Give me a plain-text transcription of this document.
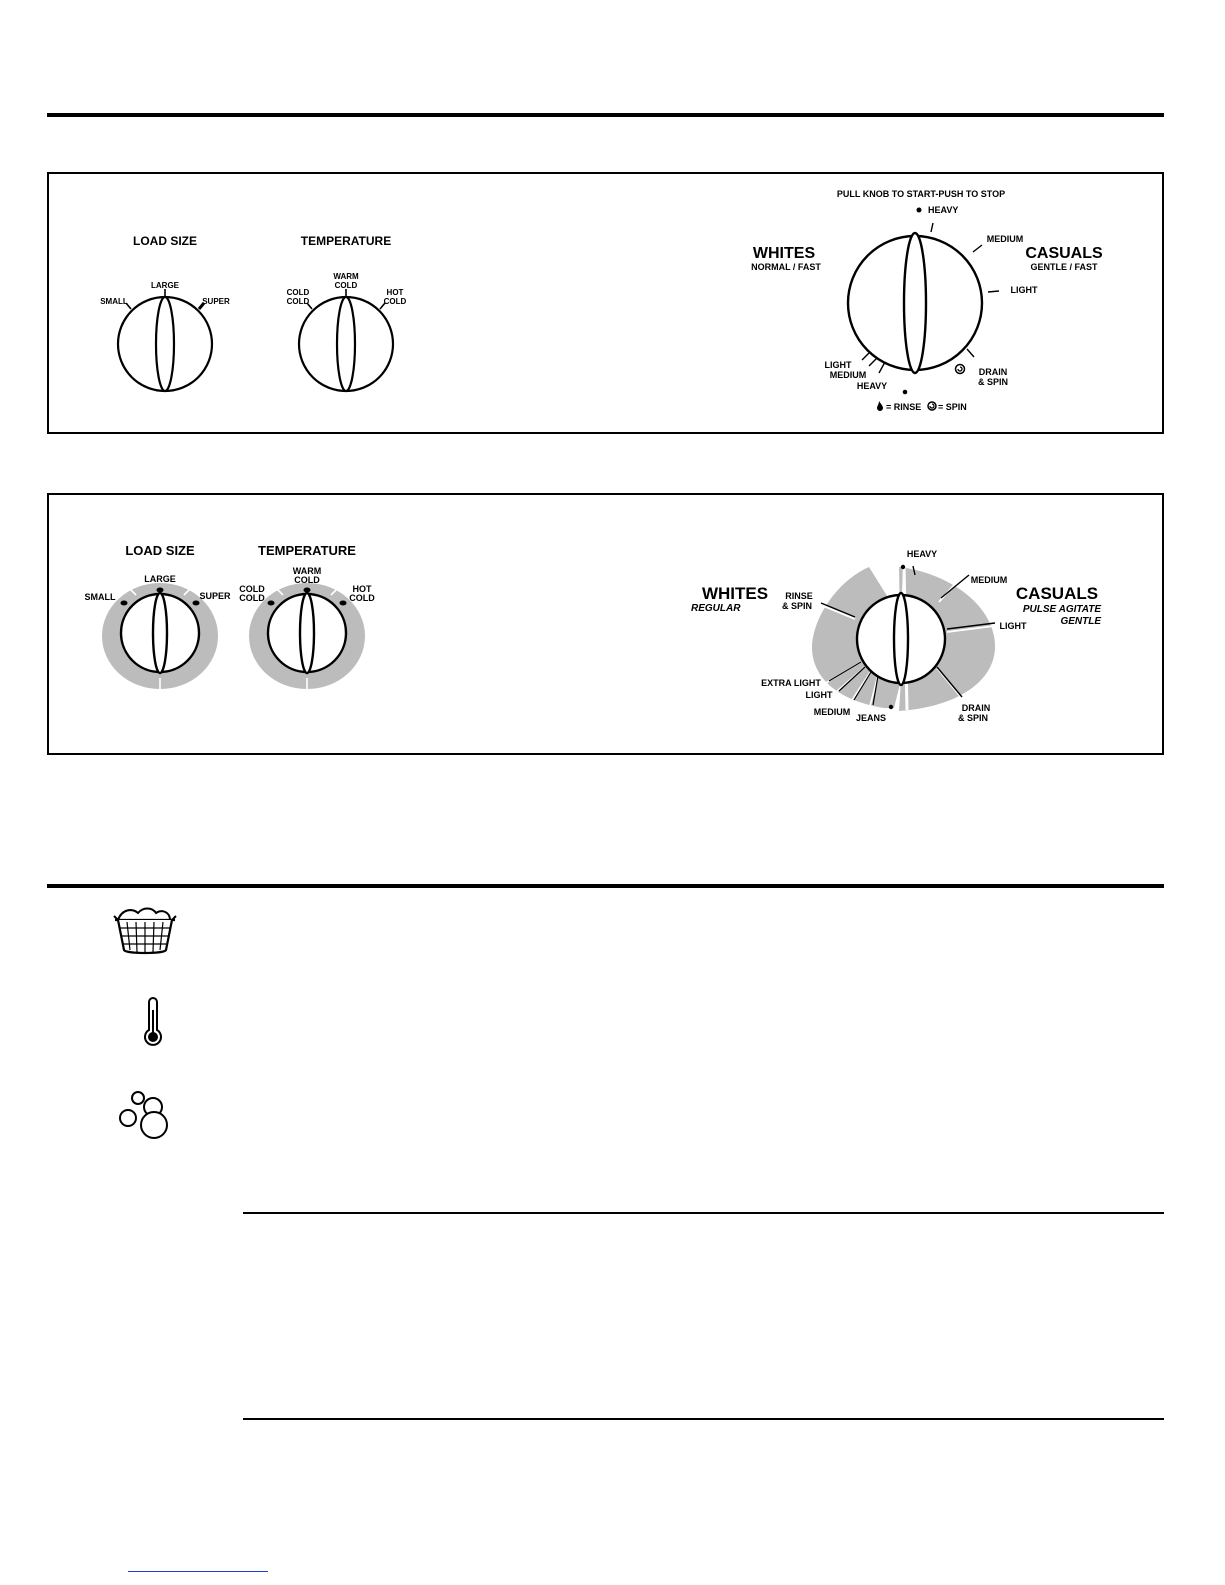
LOAD SIZE
SMALL
LARGE
SUPER
TEMPERATURE
COLD
COLD
WARM
COLD
HOT
COLD
PULL KNOB TO START-PUSH TO STOP
HEAVY
WHITES
NORMAL / FAST
CASUALS
GENTLE / FAST
MEDIUM
LIGHT
DRAIN
& SPIN
LIGHT
MEDIUM
HEAVY
= RINSE = SPIN
LOAD SIZE
SMALL
LARGE
SUPER
TEMPERATURE
COLD
COLD
WARM
COLD
HOT
COLD
HEAVY
WHITES
REGULAR
CASUALS
PULSE AGITATE
GENTLE
MEDIUM
LIGHT
RINSE
& SPIN
DRAIN
& SPIN
EXTRA LIGHT
LIGHT
MEDIUM
JEANS
